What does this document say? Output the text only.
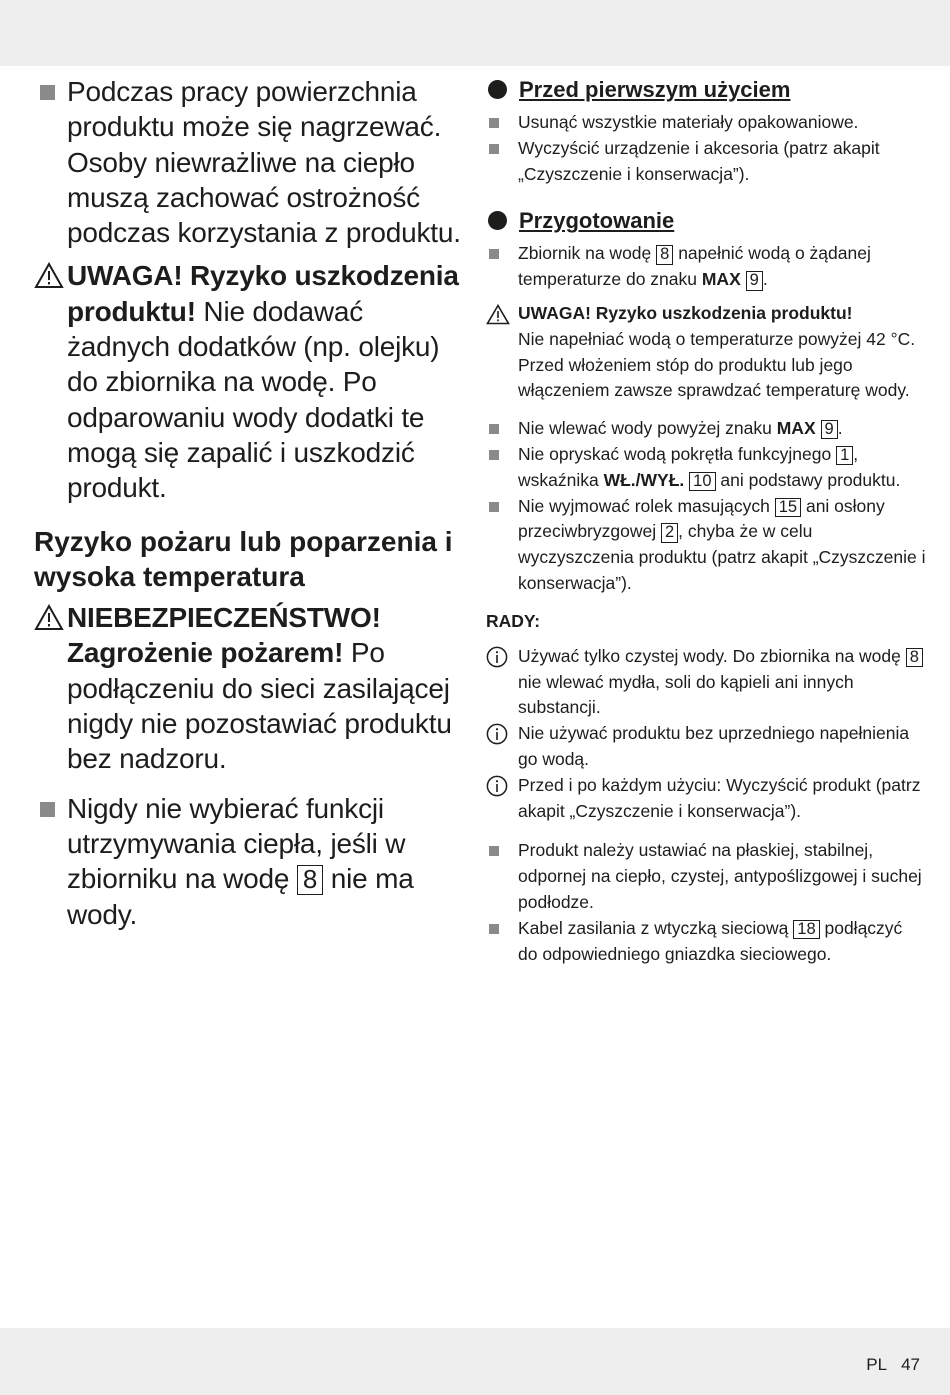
Podczas pracy powierzchnia produktu może się nagrzewać. Osoby niewrażliwe na ciepło muszą zachować ostrożność podczas korzystania z produktu.
UWAGA! Ryzyko uszkodzenia produktu! Nie dodawać żadnych dodatków (np. olejku) do zbiornika na wodę. Po odparowaniu wody dodatki te mogą się zapalić i uszkodzić produkt.
Ryzyko pożaru lub poparzenia i wysoka temperatura
NIEBEZPIECZEŃSTWO! Zagrożenie pożarem! Po podłączeniu do sieci zasilającej nigdy nie pozostawiać produktu bez nadzoru.
Nigdy nie wybierać funkcji utrzymywania ciepła, jeśli w zbiorniku na wodę 8 nie ma wody.
Przed pierwszym użyciem
Usunąć wszystkie materiały opakowaniowe.
Wyczyścić urządzenie i akcesoria (patrz akapit „Czyszczenie i konserwacja”).
Przygotowanie
Zbiornik na wodę 8 napełnić wodą o żądanej temperaturze do znaku MAX 9 .
UWAGA! Ryzyko uszkodzenia produktu!
Nie napełniać wodą o temperaturze powyżej 42 °C. Przed włożeniem stóp do produktu lub jego włączeniem zawsze sprawdzać temperaturę wody.
Nie wlewać wody powyżej znaku MAX 9 .
Nie opryskać wodą pokrętła funkcyjnego 1 , wskaźnika WŁ./WYŁ. 10 ani podstawy produktu.
Nie wyjmować rolek masujących 15 ani osłony przeciwbryzgowej 2 , chyba że w celu wyczyszczenia produktu (patrz akapit „Czyszczenie i konserwacja”).
RADY:
Używać tylko czystej wody. Do zbiornika na wodę 8 nie wlewać mydła, soli do kąpieli ani innych substancji.
Nie używać produktu bez uprzedniego napełnienia go wodą.
Przed i po każdym użyciu: Wyczyścić produkt (patrz akapit „Czyszczenie i konserwacja”).
Produkt należy ustawiać na płaskiej, stabilnej, odpornej na ciepło, czystej, antypoślizgowej i suchej podłodze.
Kabel zasilania z wtyczką sieciową 18 podłączyć do odpowiedniego gniazdka sieciowego.
PL 47
